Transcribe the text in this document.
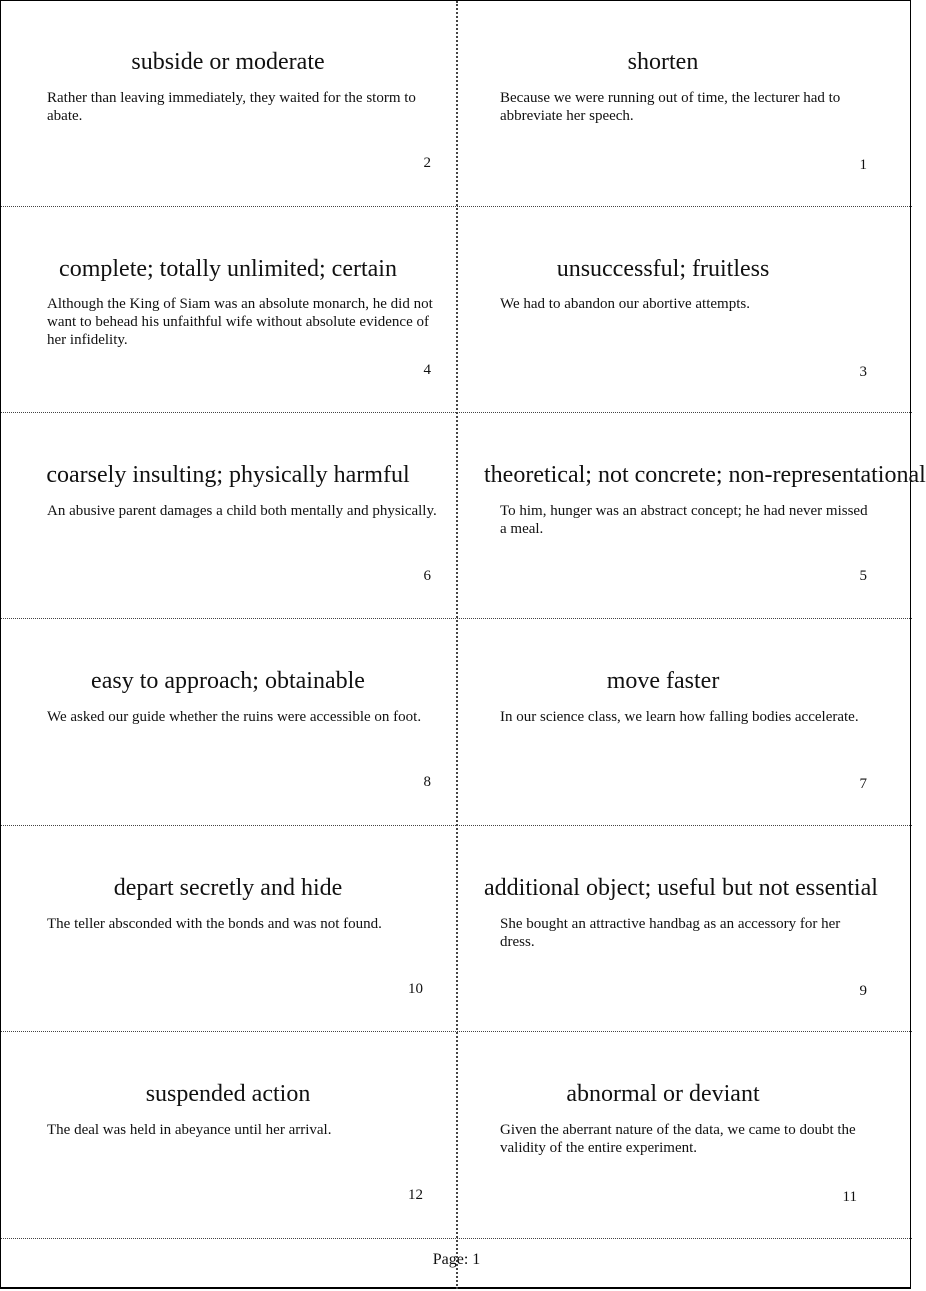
subside or moderate
Rather than leaving immediately, they waited for the storm to abate.
2
shorten
Because we were running out of time, the lecturer had to abbreviate her speech.
1
complete; totally unlimited; certain
Although the King of Siam was an absolute monarch, he did not want to behead his unfaithful wife without absolute evidence of her infidelity.
4
unsuccessful; fruitless
We had to abandon our abortive attempts.
3
coarsely insulting; physically harmful
An abusive parent damages a child both mentally and physically.
6
theoretical; not concrete; non-representational
To him, hunger was an abstract concept; he had never missed a meal.
5
easy to approach; obtainable
We asked our guide whether the ruins were accessible on foot.
8
move faster
In our science class, we learn how falling bodies accelerate.
7
depart secretly and hide
The teller absconded with the bonds and was not found.
10
additional object; useful but not essential
She bought an attractive handbag as an accessory for her dress.
9
suspended action
The deal was held in abeyance until her arrival.
12
abnormal or deviant
Given the aberrant nature of the data, we came to doubt the validity of the entire experiment.
11
Page: 1
